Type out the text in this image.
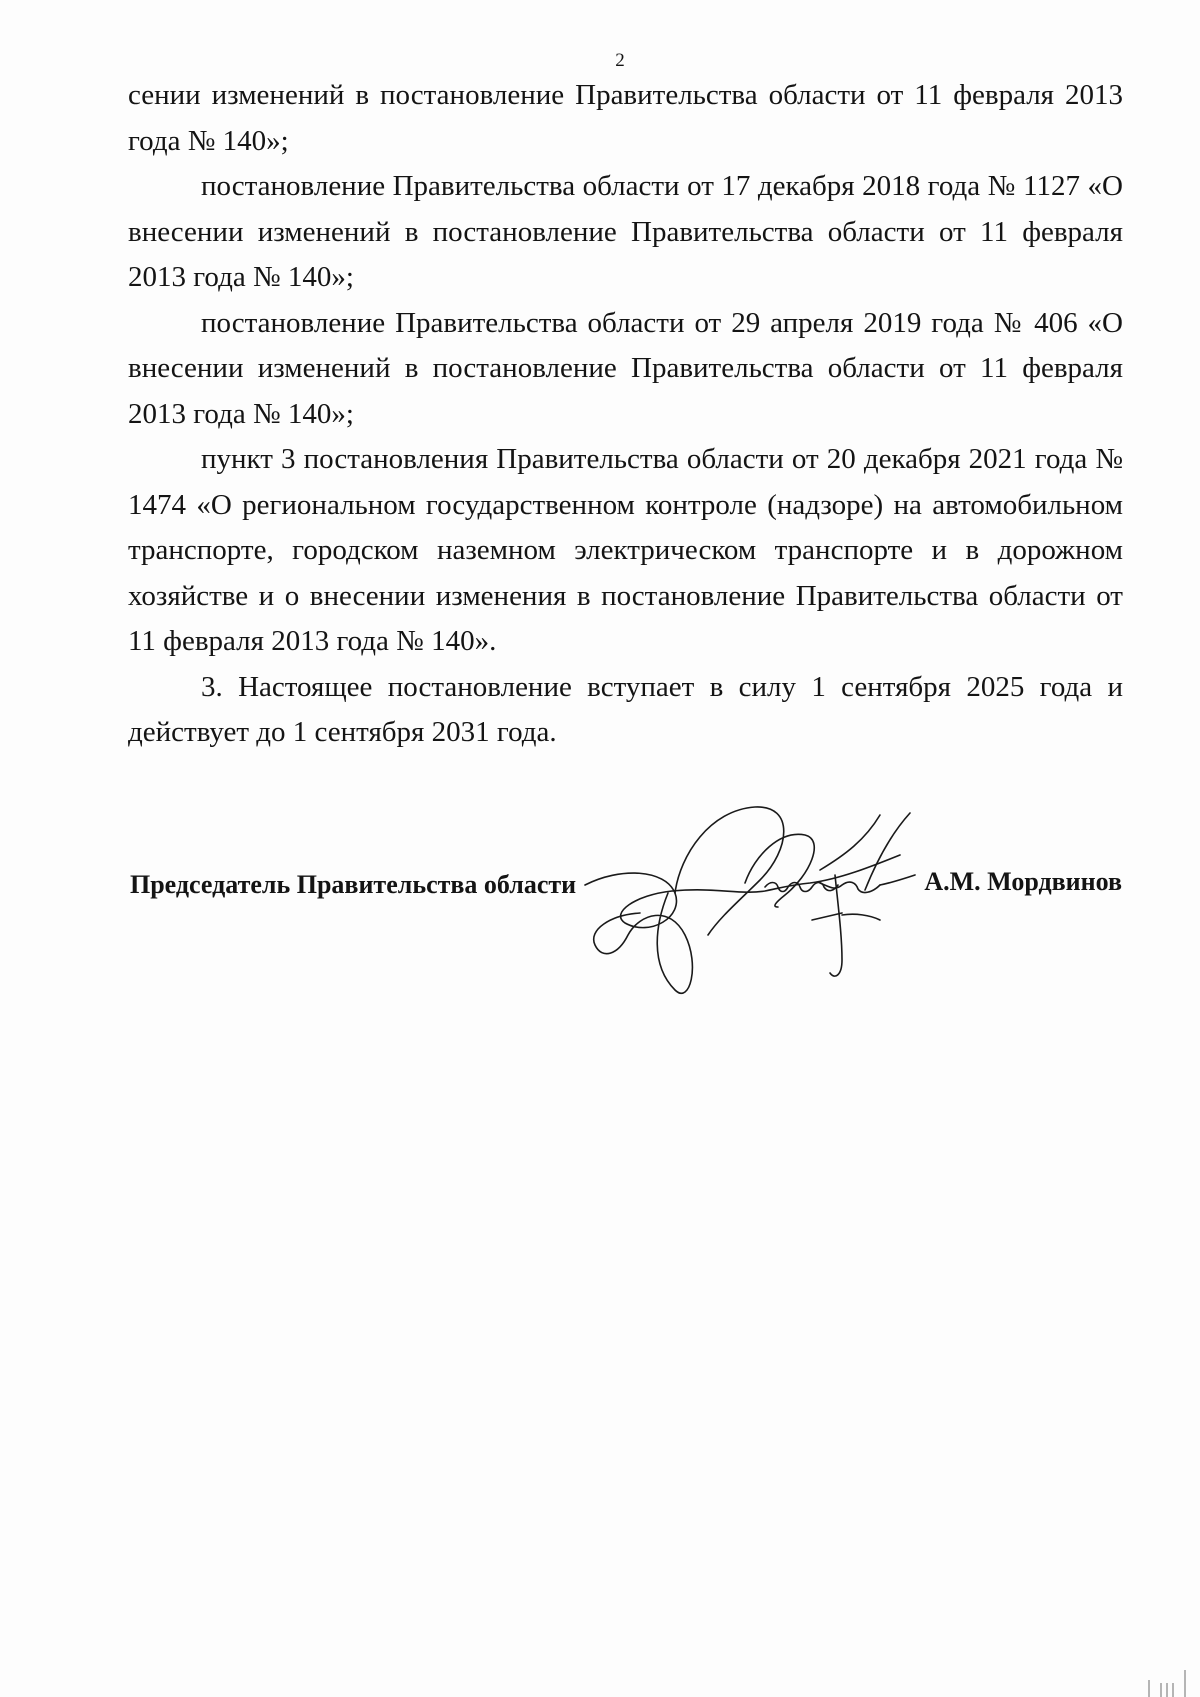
2

сении изменений в постановление Правительства области от 11 февраля 2013 года № 140»;

постановление Правительства области от 17 декабря 2018 года № 1127 «О внесении изменений в постановление Правительства области от 11 февраля 2013 года № 140»;

постановление Правительства области от 29 апреля 2019 года № 406 «О внесении изменений в постановление Правительства области от 11 февраля 2013 года № 140»;

пункт 3 постановления Правительства области от 20 декабря 2021 года № 1474 «О региональном государственном контроле (надзоре) на автомобильном транспорте, городском наземном электрическом транспорте и в дорожном хозяйстве и о внесении изменения в постановление Правительства области от 11 февраля 2013 года № 140».

3. Настоящее постановление вступает в силу 1 сентября 2025 года и действует до 1 сентября 2031 года.

Председатель Правительства области	А.М. Мордвинов
